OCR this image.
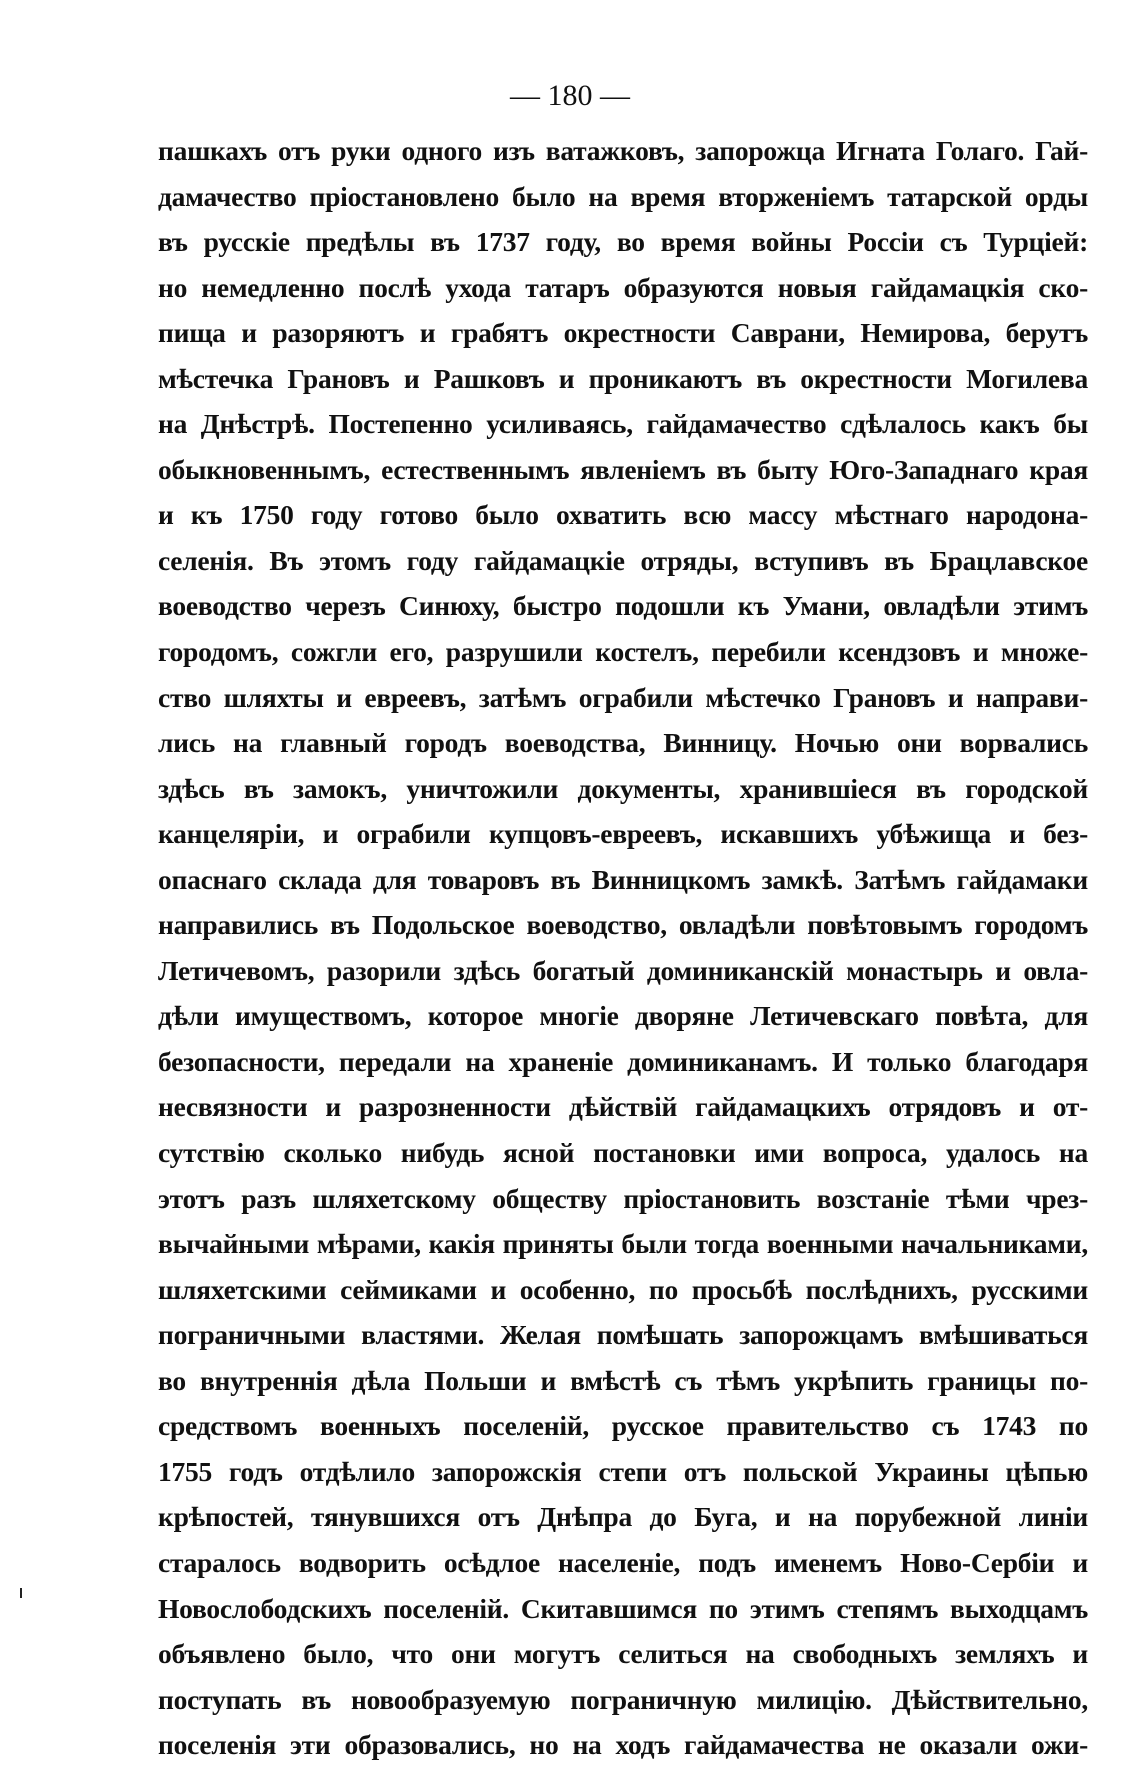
— 180 —
пашкахъ отъ руки одного изъ ватажковъ, запорожца Игната Голаго. Гай-
дамачество пріостановлено было на время вторженіемъ татарской орды
въ русскіе предѣлы въ 1737 году, во время войны Россіи съ Турціей:
но немедленно послѣ ухода татаръ образуются новыя гайдамацкія ско-
пища и разоряютъ и грабятъ окрестности Саврани, Немирова, берутъ
мѣстечка Грановъ и Рашковъ и проникаютъ въ окрестности Могилева
на Днѣстрѣ. Постепенно усиливаясь, гайдамачество сдѣлалось какъ бы
обыкновеннымъ, естественнымъ явленіемъ въ быту Юго-Западнаго края
и къ 1750 году готово было охватить всю массу мѣстнаго народона-
селенія. Въ этомъ году гайдамацкіе отряды, вступивъ въ Брацлавское
воеводство черезъ Синюху, быстро подошли къ Умани, овладѣли этимъ
городомъ, сожгли его, разрушили костелъ, перебили ксендзовъ и множе-
ство шляхты и евреевъ, затѣмъ ограбили мѣстечко Грановъ и направи-
лись на главный городъ воеводства, Винницу. Ночью они ворвались
здѣсь въ замокъ, уничтожили документы, хранившіеся въ городской
канцеляріи, и ограбили купцовъ-евреевъ, искавшихъ убѣжища и без-
опаснаго склада для товаровъ въ Винницкомъ замкѣ. Затѣмъ гайдамаки
направились въ Подольское воеводство, овладѣли повѣтовымъ городомъ
Летичевомъ, разорили здѣсь богатый доминиканскій монастырь и овла-
дѣли имуществомъ, которое многіе дворяне Летичевскаго повѣта, для
безопасности, передали на храненіе доминиканамъ. И только благодаря
несвязности и разрозненности дѣйствій гайдамацкихъ отрядовъ и от-
сутствію сколько нибудь ясной постановки ими вопроса, удалось на
этотъ разъ шляхетскому обществу пріостановить возстаніе тѣми чрез-
вычайными мѣрами, какія приняты были тогда военными начальниками,
шляхетскими сеймиками и особенно, по просьбѣ послѣднихъ, русскими
пограничными властями. Желая помѣшать запорожцамъ вмѣшиваться
во внутреннія дѣла Польши и вмѣстѣ съ тѣмъ укрѣпить границы по-
средствомъ военныхъ поселеній, русское правительство съ 1743 по
1755 годъ отдѣлило запорожскія степи отъ польской Украины цѣпью
крѣпостей, тянувшихся отъ Днѣпра до Буга, и на порубежной линіи
старалось водворить осѣдлое населеніе, подъ именемъ Ново-Сербіи и
Новослободскихъ поселеній. Скитавшимся по этимъ степямъ выходцамъ
объявлено было, что они могутъ селиться на свободныхъ земляхъ и
поступать въ новообразуемую пограничную милицію. Дѣйствительно,
поселенія эти образовались, но на ходъ гайдамачества не оказали ожи-
